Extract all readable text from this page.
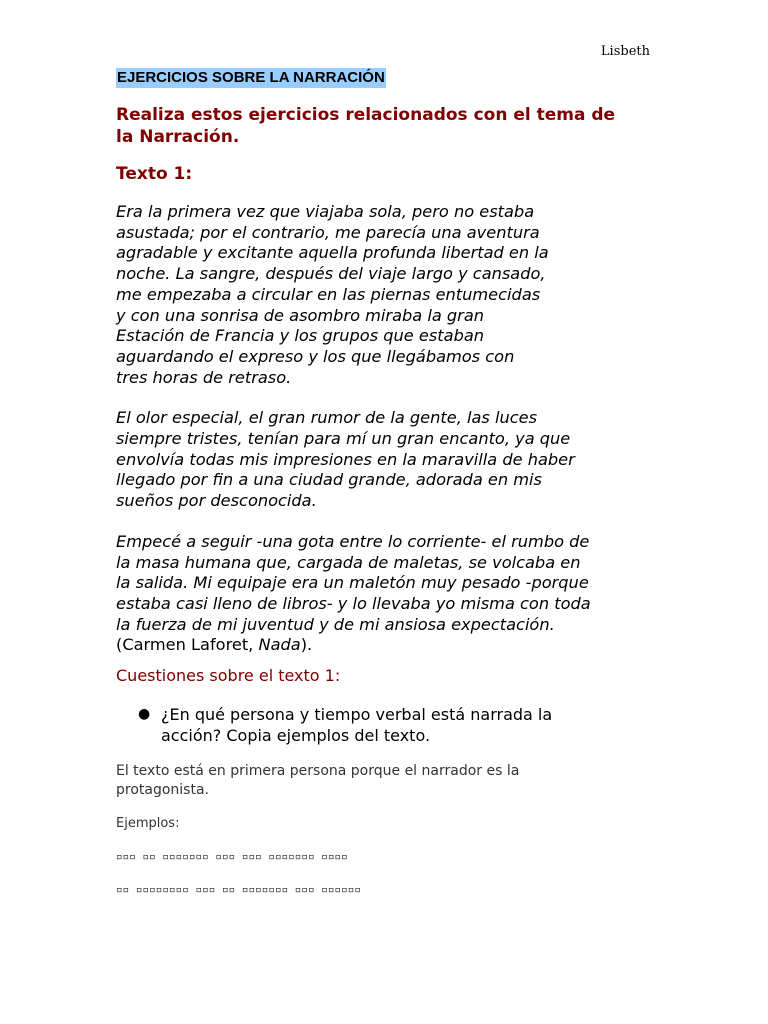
Lisbeth
EJERCICIOS SOBRE LA NARRACIÓN
Realiza estos ejercicios relacionados con el tema de
la Narración.
Texto 1:

Era la primera vez que viajaba sola, pero no estaba
asustada; por el contrario, me parecía una aventura
agradable y excitante aquella profunda libertad en la
noche. La sangre, después del viaje largo y cansado,
me empezaba a circular en las piernas entumecidas
y con una sonrisa de asombro miraba la gran
Estación de Francia y los grupos que estaban
aguardando el expreso y los que llegábamos con
tres horas de retraso.

El olor especial, el gran rumor de la gente, las luces
siempre tristes, tenían para mí un gran encanto, ya que
envolvía todas mis impresiones en la maravilla de haber
llegado por fin a una ciudad grande, adorada en mis
sueños por desconocida.

Empecé a seguir -una gota entre lo corriente- el rumbo de
la masa humana que, cargada de maletas, se volcaba en
la salida. Mi equipaje era un maletón muy pesado -porque
estaba casi lleno de libros- y lo llevaba yo misma con toda
la fuerza de mi juventud y de mi ansiosa expectación.
(Carmen Laforet, Nada).

Cuestiones sobre el texto 1:
● ¿En qué persona y tiempo verbal está narrada la
acción? Copia ejemplos del texto.
El texto está en primera persona porque el narrador es la
protagonista.
Ejemplos:
▫▫▫ ▫▫ ▫▫▫▫▫▫▫ ▫▫▫ ▫▫▫ ▫▫▫▫▫▫▫ ▫▫▫▫
▫▫ ▫▫▫▫▫▫▫▫ ▫▫▫ ▫▫ ▫▫▫▫▫▫▫ ▫▫▫ ▫▫▫▫▫▫
